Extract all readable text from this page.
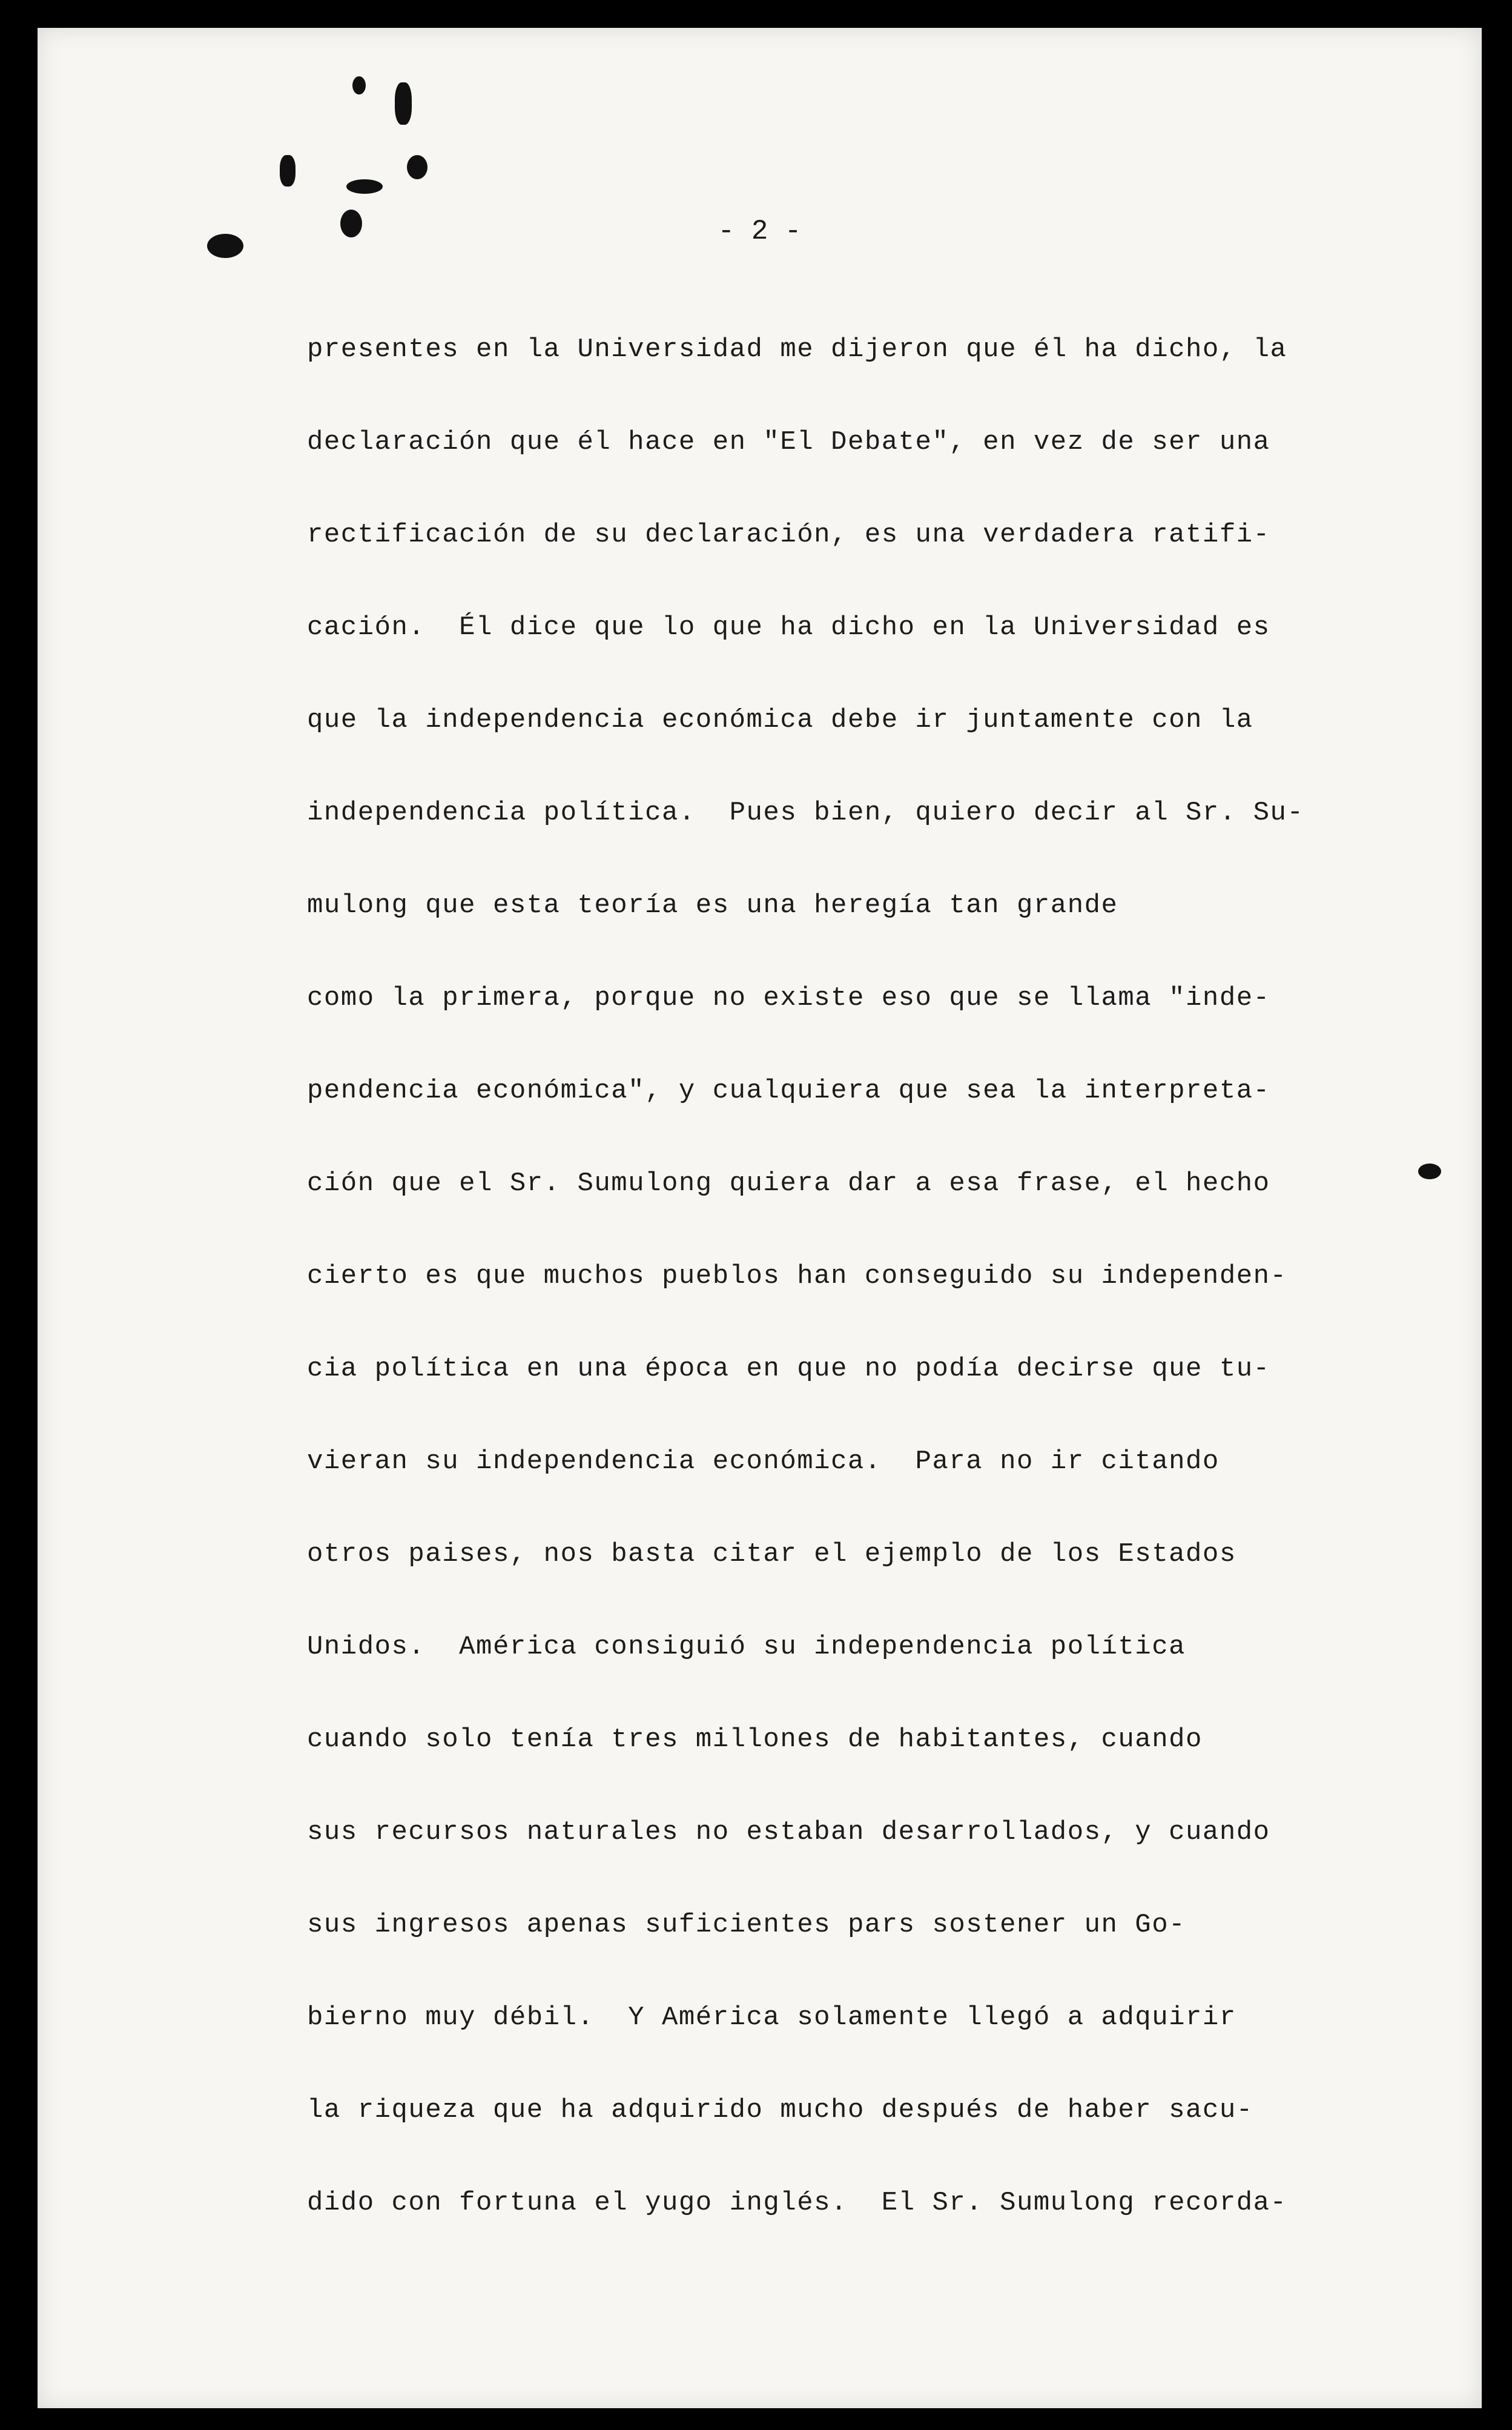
- 2 -
presentes en la Universidad me dijeron que él ha dicho, la
declaración que él hace en "El Debate", en vez de ser una
rectificación de su declaración, es una verdadera ratifi-
cación.  Él dice que lo que ha dicho en la Universidad es
que la independencia económica debe ir juntamente con la
independencia política.  Pues bien, quiero decir al Sr. Su-
mulong que esta teoría es una heregía tan grande
como la primera, porque no existe eso que se llama "inde-
pendencia económica", y cualquiera que sea la interpreta-
ción que el Sr. Sumulong quiera dar a esa frase, el hecho
cierto es que muchos pueblos han conseguido su independen-
cia política en una época en que no podía decirse que tu-
vieran su independencia económica.  Para no ir citando
otros paises, nos basta citar el ejemplo de los Estados
Unidos.  América consiguió su independencia política
cuando solo tenía tres millones de habitantes, cuando
sus recursos naturales no estaban desarrollados, y cuando
sus ingresos apenas suficientes pars sostener un Go-
bierno muy débil.  Y América solamente llegó a adquirir
la riqueza que ha adquirido mucho después de haber sacu-
dido con fortuna el yugo inglés.  El Sr. Sumulong recorda-
